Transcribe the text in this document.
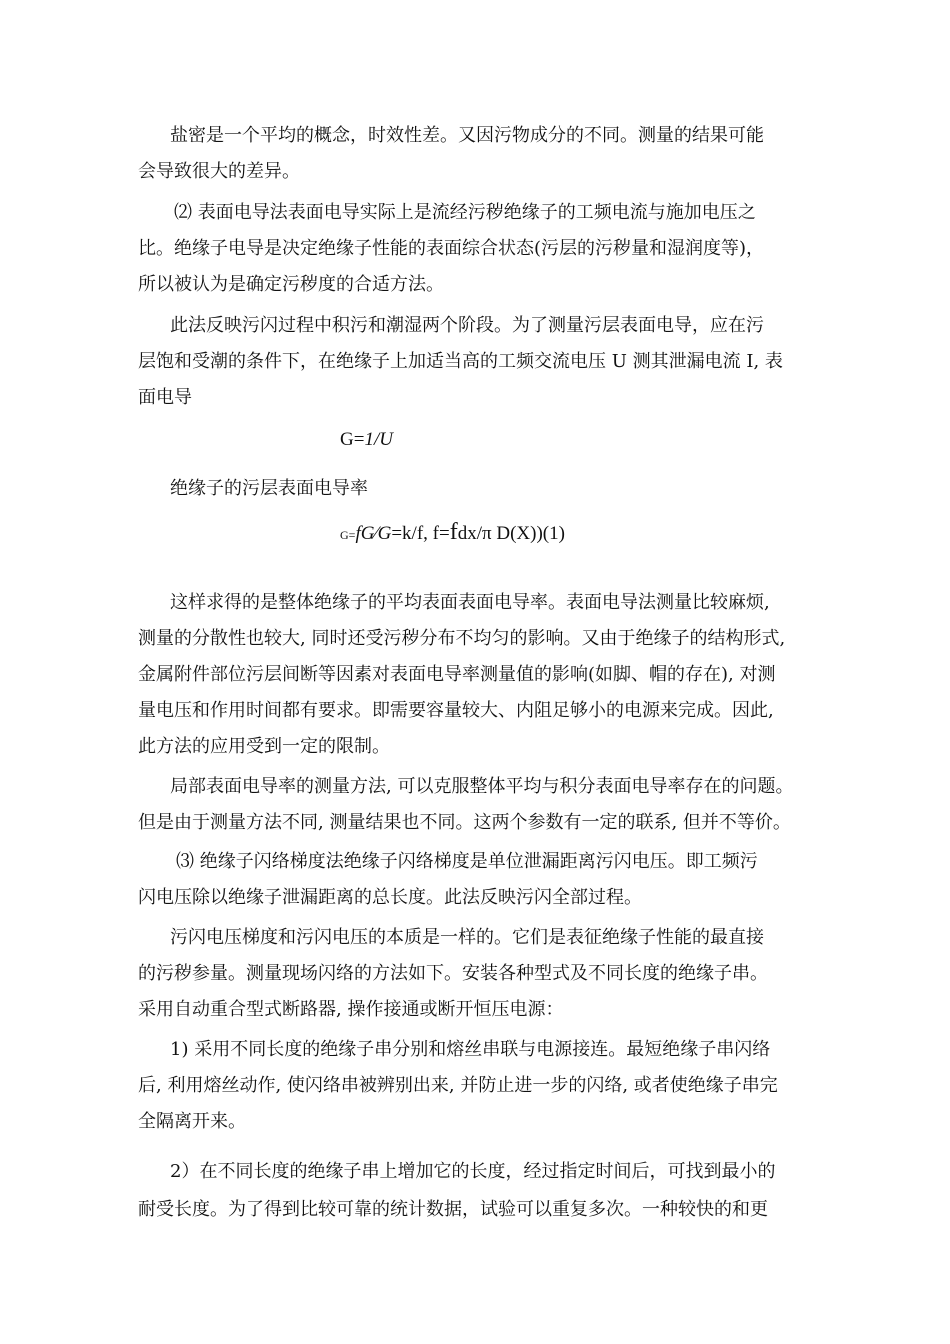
盐密是一个平均的概念，时效性差。又因污物成分的不同。测量的结果可能
会导致很大的差异。
⑵ 表面电导法表面电导实际上是流经污秽绝缘子的工频电流与施加电压之
比。绝缘子电导是决定绝缘子性能的表面综合状态(污层的污秽量和湿润度等)，
所以被认为是确定污秽度的合适方法。
此法反映污闪过程中积污和潮湿两个阶段。为了测量污层表面电导，应在污
层饱和受潮的条件下，在绝缘子上加适当高的工频交流电压 U 测其泄漏电流 I, 表
面电导
G=1/U
绝缘子的污层表面电导率
G=fG⁄G=k/f, f=fdx/π D(X))(1)
这样求得的是整体绝缘子的平均表面表面电导率。表面电导法测量比较麻烦,
测量的分散性也较大, 同时还受污秽分布不均匀的影响。又由于绝缘子的结构形式,
金属附件部位污层间断等因素对表面电导率测量值的影响(如脚、帽的存在), 对测
量电压和作用时间都有要求。即需要容量较大、内阻足够小的电源来完成。因此,
此方法的应用受到一定的限制。
局部表面电导率的测量方法, 可以克服整体平均与积分表面电导率存在的问题。
但是由于测量方法不同, 测量结果也不同。这两个参数有一定的联系, 但并不等价。
⑶ 绝缘子闪络梯度法绝缘子闪络梯度是单位泄漏距离污闪电压。即工频污
闪电压除以绝缘子泄漏距离的总长度。此法反映污闪全部过程。
污闪电压梯度和污闪电压的本质是一样的。它们是表征绝缘子性能的最直接
的污秽参量。测量现场闪络的方法如下。安装各种型式及不同长度的绝缘子串。
采用自动重合型式断路器, 操作接通或断开恒压电源：
1) 采用不同长度的绝缘子串分别和熔丝串联与电源接连。最短绝缘子串闪络
后, 利用熔丝动作, 使闪络串被辨别出来, 并防止进一步的闪络, 或者使绝缘子串完
全隔离开来。
2）在不同长度的绝缘子串上增加它的长度，经过指定时间后，可找到最小的
耐受长度。为了得到比较可靠的统计数据，试验可以重复多次。一种较快的和更
